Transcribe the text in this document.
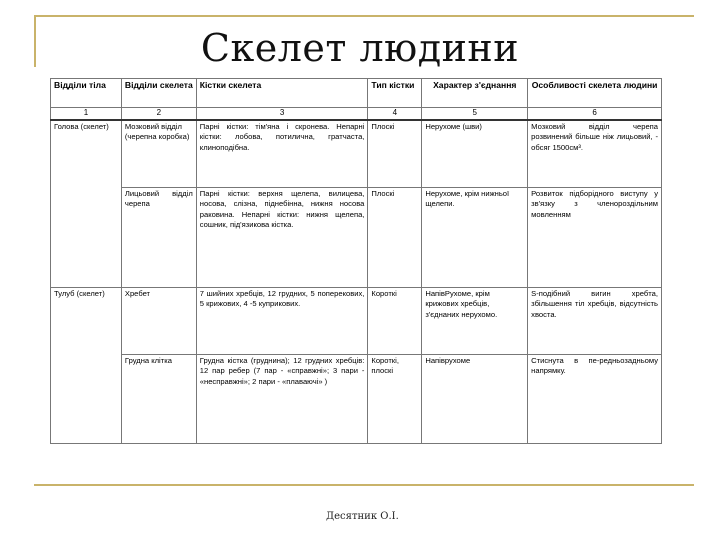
Скелет людини
Відділи тіла	Відділи скелета	Кістки скелета	Тип кістки	Характер з'єднання	Особливості скелета людини
1	2	3	4	5	6
Голова (скелет)	Мозковий відділ (черепна коробка)	Парні кістки: тім'яна і скронева. Непарні кістки: лобова, потилична, гратчаста, клиноподібна.	Плоскі	Нерухоме (шви)	Мозковий відділ черепа розвинений більше ніж лицьовий, - обсяг 1500см³.
	Лицьовий відділ черепа	Парні кістки: верхня щелепа, вилицева, носова, слізна, піднебінна, нижня носова раковина. Непарні кістки: нижня щелепа, сошник, під'язикова кістка.	Плоскі	Нерухоме, крім нижньої щелепи.	Розвиток підборідного виступу у зв'язку з членороздільним мовленням
Тулуб (скелет)	Хребет	7 шийних хребців, 12 грудних, 5 поперекових, 5 крижових, 4 -5 куприкових.	Короткі	НапівРухоме, крім крижових хребців, з'єднаних нерухомо.	S-подібний вигин хребта, збільшення тіл хребців, відсутність хвоста.
	Грудна клітка	Грудна кістка (груднина); 12 грудних хребців: 12 пар ребер (7 пар - «справжні»; 3 пари - «несправжні»; 2 пари - «плаваючі» )	Короткі, плоскі	Напіврухоме	Стиснута в пе-редньозадньому напрямку.
Десятник О.І.
